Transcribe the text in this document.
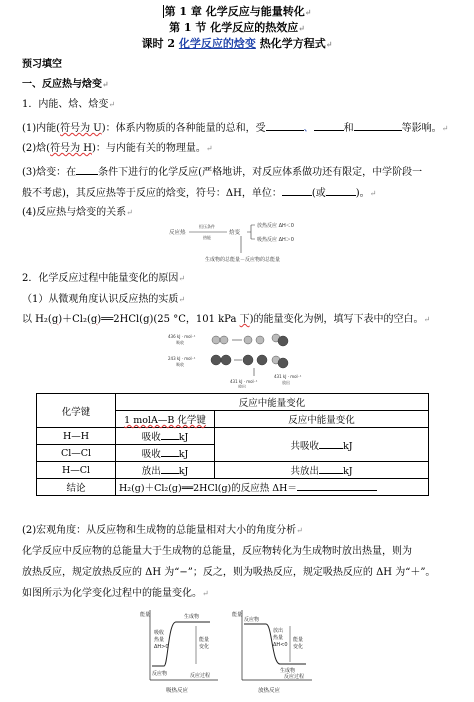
第 1 章 化学反应与能量转化↵
第 1 节 化学反应的热效应↵
课时 2 化学反应的焓变 热化学方程式↵
预习填空
一、反应热与焓变↵
1．内能、焓、焓变↵
(1)内能(符号为 U)：体系内物质的各种能量的总和，受	、	和	等影响。↵
(2)焓(符号为 H)：与内能有关的物理量。↵
(3)焓变：在 条件下进行的化学反应(严格地讲，对反应体系做功还有限定，中学阶段一
般不考虑)，其反应热等于反应的焓变，符号：ΔH，单位：	(或	)。↵
(4)反应热与焓变的关系↵
反应热
恒压条件
热能
焓变
放热反应 ΔH＜0
吸热反应 ΔH＞0
生成物的总能量－反应物的总能量
2．化学反应过程中能量变化的原因↵
（1）从微观角度认识反应热的实质↵
以 H₂(g)＋Cl₂(g)══2HCl(g)(25 °C，101 kPa 下)的能量变化为例，填写下表中的空白。↵
436 kJ · mol⁻¹
吸收
243 kJ · mol⁻¹
吸收
431 kJ · mol⁻¹
放出
431 kJ · mol⁻¹
放出
化学键	反应中能量变化	
	1 molA—B 化学键	反应中能量变化
H—H	吸收 kJ	共吸收 kJ
Cl—Cl	吸收 kJ	
H—Cl	放出 kJ	共放出 kJ
结论	H₂(g)＋Cl₂(g)══2HCl(g)的反应热 ΔH＝	
(2)宏观角度：从反应物和生成物的总能量相对大小的角度分析↵
化学反应中反应物的总能量大于生成物的总能量，反应物转化为生成物时放出热量，则为
放热反应，规定放热反应的 ΔH 为“−”；反之，则为吸热反应，规定吸热反应的 ΔH 为“＋”。
如图所示为化学变化过程中的能量变化。↵
能量	生成物
吸收
热量
ΔH>0
能量
变化
反应物	反应过程
吸热反应
能量
反应物
放出
热量
ΔH<0
能量
变化
生成物
反应过程
放热反应
